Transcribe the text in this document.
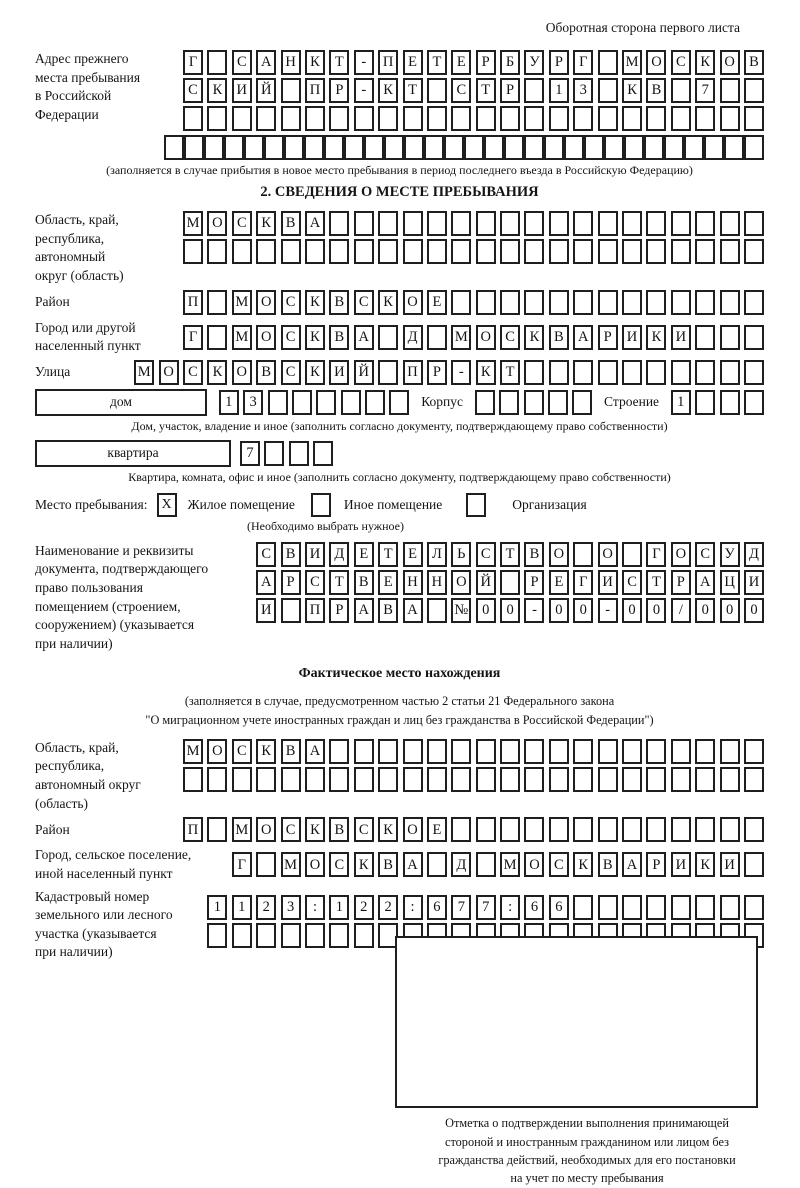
Оборотная сторона первого листа
Адрес прежнего
места пребывания
в Российской
Федерации
Г	С А Н К	Т	-	П	Е	Т	Е	Р	Б	У	Р	Г	М О С	К О В
С	К И Й	П	Р	-	К	Т	С	Т	Р	1	3	К	В	7
(заполняется в случае прибытия в новое место пребывания в период последнего въезда в Российскую Федерацию)
2. СВЕДЕНИЯ О МЕСТЕ ПРЕБЫВАНИЯ
Область, край,
республика,
автономный
округ (область)
М О С	К	В А
Район	П	М О С	К	В	С	К О	Е
Город или другой
населенный пункт
Г	М О С	К	В А	Д	М О С	К	В А	Р	И К И
Улица	М О С	К О В	С	К И Й	П	Р	-	К	Т
дом	1	3	Корпус	Строение	1
Дом, участок, владение и иное (заполнить согласно документу, подтверждающему право собственности)
квартира	7
Квартира, комната, офис и иное (заполнить согласно документу, подтверждающему право собственности)
Место пребывания: X	Жилое помещение	Иное помещение	Организация
(Необходимо выбрать нужное)
Наименование и реквизиты
документа, подтверждающего
право пользования
помещением (строением,
сооружением) (указывается
при наличии)
С	В И Д	Е	Т	Е	Л	Ь	С	Т	В О	О	Г	О С У Д
А	Р	С	Т	В	Е	Н Н О Й	Р	Е	Г	И С	Т	Р	А Ц И
И	П	Р	А В А	№ 0	0	-	0	0	-	0	0	/	0	0	0
Фактическое место нахождения
(заполняется в случае, предусмотренном частью 2 статьи 21 Федерального закона
"О миграционном учете иностранных граждан и лиц без гражданства в Российской Федерации")
Область, край,
республика,
автономный округ
(область)
М О С	К	В А
Район	П	М О С	К	В	С	К О	Е
Город, сельское поселение,
иной населенный пункт
Г	М О С	К	В А	Д	М О С	К	В А	Р	И К И
Кадастровый номер
земельного или лесного
участка (указывается
при наличии)
1	1	2	3	:	1	2	2	:	6	7	7	:	6	6
Отметка о подтверждении выполнения принимающей
стороной и иностранным гражданином или лицом без
гражданства действий, необходимых для его постановки
на учет по месту пребывания
